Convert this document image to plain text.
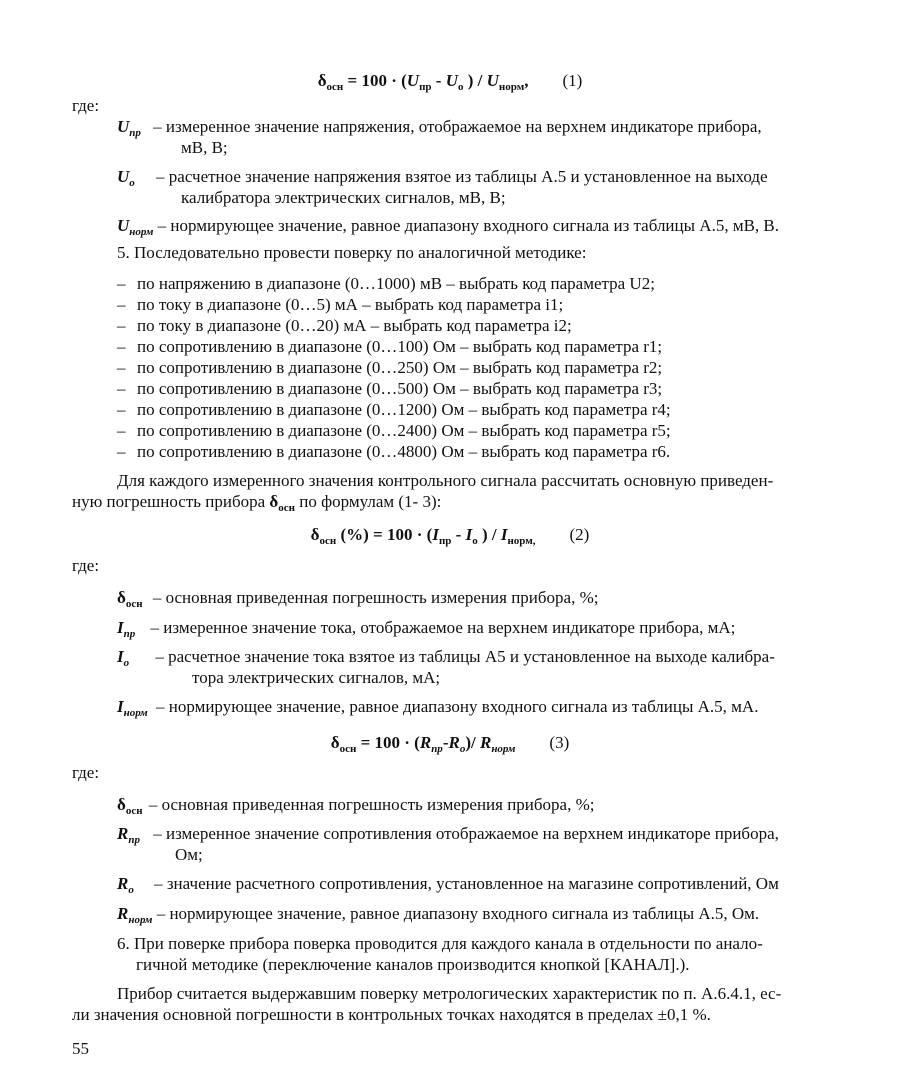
$\delta_{осн} = 100 \cdot (U_{пр} - U_о$ ) / $U_{норм}$, (1)
где:
$U_{пр}$ – измеренное значение напряжения, отображаемое на верхнем индикаторе прибора,
мВ, В;
$U_о$ – расчетное значение напряжения взятое из таблицы А.5 и установленное на выходе
калибратора электрических сигналов, мВ, В;
$U_{норм}$ – нормирующее значение, равное диапазону входного сигнала из таблицы А.5, мВ, В.
5. Последовательно провести поверку по аналогичной методике:
– по напряжению в диапазоне (0…1000) мВ – выбрать код параметра U2;
– по току в диапазоне (0…5) мА – выбрать код параметра i1;
– по току в диапазоне (0…20) мА – выбрать код параметра i2;
– по сопротивлению в диапазоне (0…100) Ом – выбрать код параметра r1;
– по сопротивлению в диапазоне (0…250) Ом – выбрать код параметра r2;
– по сопротивлению в диапазоне (0…500) Ом – выбрать код параметра r3;
– по сопротивлению в диапазоне (0…1200) Ом – выбрать код параметра r4;
– по сопротивлению в диапазоне (0…2400) Ом – выбрать код параметра r5;
– по сопротивлению в диапазоне (0…4800) Ом – выбрать код параметра r6.
Для каждого измеренного значения контрольного сигнала рассчитать основную приведен-
ную погрешность прибора $\delta_{осн}$ по формулам (1- 3):
$\delta_{осн}$ (%) = $100 \cdot (I_{пр} - I_о$ ) / $I_{норм,}$ (2)
где:
$\delta_{осн}$ – основная приведенная погрешность измерения прибора, %;
$I_{пр}$ – измеренное значение тока, отображаемое на верхнем индикаторе прибора, мА;
$I_о$ – расчетное значение тока взятое из таблицы А5 и установленное на выходе калибра-
тора электрических сигналов, мА;
$I_{норм}$ – нормирующее значение, равное диапазону входного сигнала из таблицы А.5, мА.
$\delta_{осн} = 100 \cdot (R_{пр}-R_о)/$ $R_{норм}$ (3)
где:
$\delta_{осн}$ – основная приведенная погрешность измерения прибора, %;
$R_{пр}$ – измеренное значение сопротивления отображаемое на верхнем индикаторе прибора,
Ом;
$R_о$ – значение расчетного сопротивления, установленное на магазине сопротивлений, Ом
$R_{норм}$ – нормирующее значение, равное диапазону входного сигнала из таблицы А.5, Ом.
6. При поверке прибора поверка проводится для каждого канала в отдельности по анало-
гичной методике (переключение каналов производится кнопкой [КАНАЛ].).
Прибор считается выдержавшим поверку метрологических характеристик по п. А.6.4.1, ес-
ли значения основной погрешности в контрольных точках находятся в пределах ±0,1 %.
55
